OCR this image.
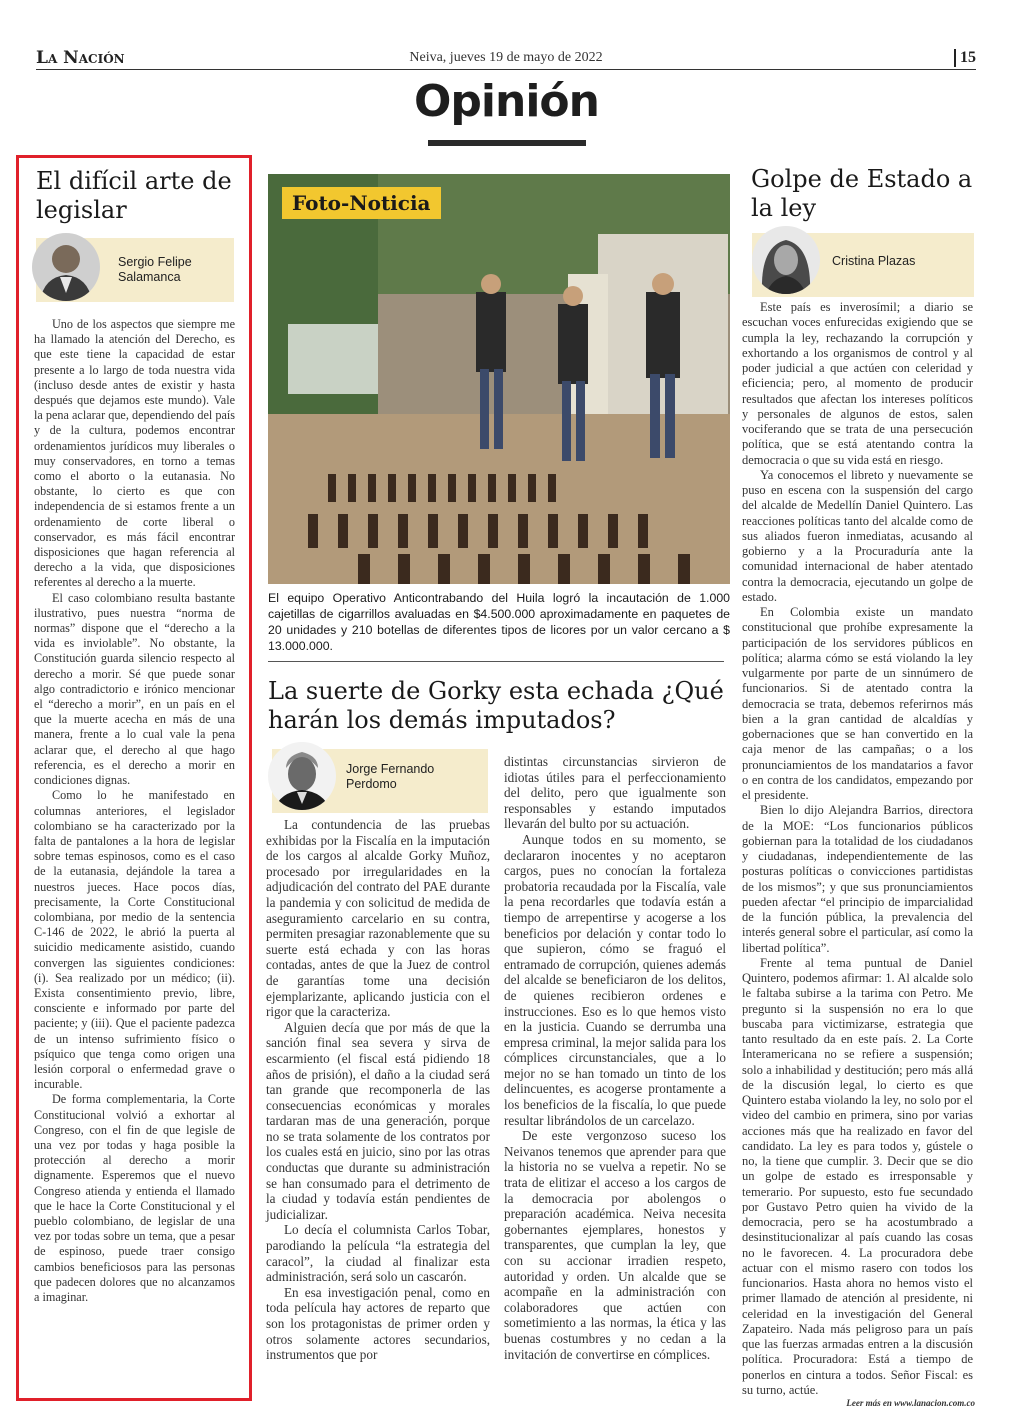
La Nación	Neiva, jueves 19 de mayo de 2022	15
Opinión
El difícil arte de legislar
Sergio Felipe
Salamanca

Uno de los aspectos que siempre me ha llamado la atención del Derecho, es que este tiene la capacidad de estar presente a lo largo de toda nuestra vida (incluso desde antes de existir y hasta después que dejamos este mundo). Vale la pena aclarar que, dependiendo del país y de la cultura, podemos encontrar ordenamientos jurídicos muy liberales o muy conservadores, en torno a temas como el aborto o la eutanasia. No obstante, lo cierto es que con independencia de si estamos frente a un ordenamiento de corte liberal o conservador, es más fácil encontrar disposiciones que hagan referencia al derecho a la vida, que disposiciones referentes al derecho a la muerte.

El caso colombiano resulta bastante ilustrativo, pues nuestra “norma de normas” dispone que el “derecho a la vida es inviolable”. No obstante, la Constitución guarda silencio respecto al derecho a morir. Sé que puede sonar algo contradictorio e irónico mencionar el “derecho a morir”, en un país en el que la muerte acecha en más de una manera, frente a lo cual vale la pena aclarar que, el derecho al que hago referencia, es el derecho a morir en condiciones dignas.

Como lo he manifestado en columnas anteriores, el legislador colombiano se ha caracterizado por la falta de pantalones a la hora de legislar sobre temas espinosos, como es el caso de la eutanasia, dejándole la tarea a nuestros jueces. Hace pocos días, precisamente, la Corte Constitucional colombiana, por medio de la sentencia C-146 de 2022, le abrió la puerta al suicidio medicamente asistido, cuando convergen las siguientes condiciones: (i). Sea realizado por un médico; (ii). Exista consentimiento previo, libre, consciente e informado por parte del paciente; y (iii). Que el paciente padezca de un intenso sufrimiento físico o psíquico que tenga como origen una lesión corporal o enfermedad grave o incurable.

De forma complementaria, la Corte Constitucional volvió a exhortar al Congreso, con el fin de que legisle de una vez por todas y haga posible la protección al derecho a morir dignamente. Esperemos que el nuevo Congreso atienda y entienda el llamado que le hace la Corte Constitucional y el pueblo colombiano, de legislar de una vez por todas sobre un tema, que a pesar de espinoso, puede traer consigo cambios beneficiosos para las personas que padecen dolores que no alcanzamos a imaginar.

Foto-Noticia
El equipo Operativo Anticontrabando del Huila logró la incautación de 1.000 cajetillas de cigarrillos avaluadas en $4.500.000 aproximadamente en paquetes de 20 unidades y 210 botellas de diferentes tipos de licores por un valor cercano a $ 13.000.000.
La suerte de Gorky esta echada ¿Qué harán los demás imputados?
Jorge Fernando
Perdomo

La contundencia de las pruebas exhibidas por la Fiscalía en la imputación de los cargos al alcalde Gorky Muñoz, procesado por irregularidades en la adjudicación del contrato del PAE durante la pandemia y con solicitud de medida de aseguramiento carcelario en su contra, permiten presagiar razonablemente que su suerte está echada y con las horas contadas, antes de que la Juez de control de garantías tome una decisión ejemplarizante, aplicando justicia con el rigor que la caracteriza.

Alguien decía que por más de que la sanción final sea severa y sirva de escarmiento (el fiscal está pidiendo 18 años de prisión), el daño a la ciudad será tan grande que recomponerla de las consecuencias económicas y morales tardaran mas de una generación, porque no se trata solamente de los contratos por los cuales está en juicio, sino por las otras conductas que durante su administración se han consumado para el detrimento de la ciudad y todavía están pendientes de judicializar.

Lo decía el columnista Carlos Tobar, parodiando la película “la estrategia del caracol”, la ciudad al finalizar esta administración, será solo un cascarón.

En esa investigación penal, como en toda película hay actores de reparto que son los protagonistas de primer orden y otros solamente actores secundarios, instrumentos que por

distintas circunstancias sirvieron de idiotas útiles para el perfeccionamiento del delito, pero que igualmente son responsables y estando imputados llevarán del bulto por su actuación.

Aunque todos en su momento, se declararon inocentes y no aceptaron cargos, pues no conocían la fortaleza probatoria recaudada por la Fiscalía, vale la pena recordarles que todavía están a tiempo de arrepentirse y acogerse a los beneficios por delación y contar todo lo que supieron, cómo se fraguó el entramado de corrupción, quienes además del alcalde se beneficiaron de los delitos, de quienes recibieron ordenes e instrucciones. Eso es lo que hemos visto en la justicia. Cuando se derrumba una empresa criminal, la mejor salida para los cómplices circunstanciales, que a lo mejor no se han tomado un tinto de los delincuentes, es acogerse prontamente a los beneficios de la fiscalía, lo que puede resultar librándolos de un carcelazo.

De este vergonzoso suceso los Neivanos tenemos que aprender para que la historia no se vuelva a repetir. No se trata de elitizar el acceso a los cargos de la democracia por abolengos o preparación académica. Neiva necesita gobernantes ejemplares, honestos y transparentes, que cumplan la ley, que con su accionar irradien respeto, autoridad y orden. Un alcalde que se acompañe en la administración con colaboradores que actúen con sometimiento a las normas, la ética y las buenas costumbres y no cedan a la invitación de convertirse en cómplices.

Golpe de Estado a la ley
Cristina Plazas

Este país es inverosímil; a diario se escuchan voces enfurecidas exigiendo que se cumpla la ley, rechazando la corrupción y exhortando a los organismos de control y al poder judicial a que actúen con celeridad y eficiencia; pero, al momento de producir resultados que afectan los intereses políticos y personales de algunos de estos, salen vociferando que se trata de una persecución política, que se está atentando contra la democracia o que su vida está en riesgo.

Ya conocemos el libreto y nuevamente se puso en escena con la suspensión del cargo del alcalde de Medellín Daniel Quintero. Las reacciones políticas tanto del alcalde como de sus aliados fueron inmediatas, acusando al gobierno y a la Procuraduría ante la comunidad internacional de haber atentado contra la democracia, ejecutando un golpe de estado.

En Colombia existe un mandato constitucional que prohíbe expresamente la participación de los servidores públicos en política; alarma cómo se está violando la ley vulgarmente por parte de un sinnúmero de funcionarios. Si de atentado contra la democracia se trata, debemos referirnos más bien a la gran cantidad de alcaldías y gobernaciones que se han convertido en la caja menor de las campañas; o a los pronunciamientos de los mandatarios a favor o en contra de los candidatos, empezando por el presidente.

Bien lo dijo Alejandra Barrios, directora de la MOE: “Los funcionarios públicos gobiernan para la totalidad de los ciudadanos y ciudadanas, independientemente de las posturas políticas o convicciones partidistas de los mismos”; y que sus pronunciamientos pueden afectar “el principio de imparcialidad de la función pública, la prevalencia del interés general sobre el particular, así como la libertad política”.

Frente al tema puntual de Daniel Quintero, podemos afirmar: 1. Al alcalde solo le faltaba subirse a la tarima con Petro. Me pregunto si la suspensión no era lo que buscaba para victimizarse, estrategia que tanto resultado da en este país. 2. La Corte Interamericana no se refiere a suspensión; solo a inhabilidad y destitución; pero más allá de la discusión legal, lo cierto es que Quintero estaba violando la ley, no solo por el video del cambio en primera, sino por varias acciones más que ha realizado en favor del candidato. La ley es para todos y, gústele o no, la tiene que cumplir. 3. Decir que se dio un golpe de estado es irresponsable y temerario. Por supuesto, esto fue secundado por Gustavo Petro quien ha vivido de la democracia, pero se ha acostumbrado a desinstitucionalizar al país cuando las cosas no le favorecen. 4. La procuradora debe actuar con el mismo rasero con todos los funcionarios. Hasta ahora no hemos visto el primer llamado de atención al presidente, ni celeridad en la investigación del General Zapateiro. Nada más peligroso para un país que las fuerzas armadas entren a la discusión política. Procuradora: Está a tiempo de ponerlos en cintura a todos. Señor Fiscal: es su turno, actúe.

Leer más en www.lanacion.com.co
